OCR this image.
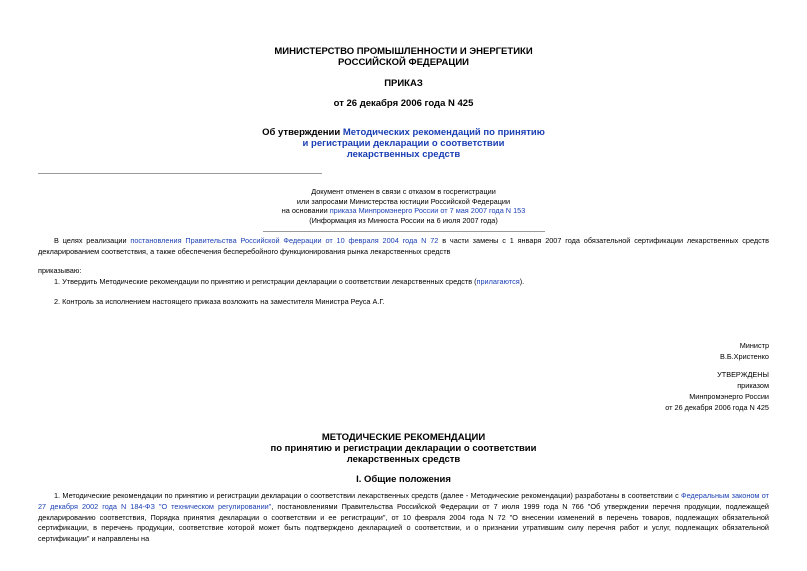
МИНИСТЕРСТВО ПРОМЫШЛЕННОСТИ И ЭНЕРГЕТИКИ
РОССИЙСКОЙ ФЕДЕРАЦИИ
ПРИКАЗ
от 26 декабря 2006 года N 425
Об утверждении Методических рекомендаций по принятию
и регистрации декларации о соответствии
лекарственных средств
Документ отменен в связи с отказом в госрегистрации
или запросами Министерства юстиции Российской Федерации
на основании приказа Минпромэнерго России от 7 мая 2007 года N 153
(Информация из Минюста России на 6 июля 2007 года)
В целях реализации постановления Правительства Российской Федерации от 10 февраля 2004 года N 72 в части замены с 1 января 2007 года обязательной сертификации лекарственных средств декларированием соответствия, а также обеспечения бесперебойного функционирования рынка лекарственных средств
приказываю:
1. Утвердить Методические рекомендации по принятию и регистрации декларации о соответствии лекарственных средств (прилагаются).
2. Контроль за исполнением настоящего приказа возложить на заместителя Министра Реуса А.Г.
Министр
В.Б.Христенко
УТВЕРЖДЕНЫ
приказом
Минпромэнерго России
от 26 декабря 2006 года N 425
МЕТОДИЧЕСКИЕ РЕКОМЕНДАЦИИ
по принятию и регистрации декларации о соответствии
лекарственных средств
I. Общие положения
1. Методические рекомендации по принятию и регистрации декларации о соответствии лекарственных средств (далее - Методические рекомендации) разработаны в соответствии с Федеральным законом от 27 декабря 2002 года N 184-ФЗ "О техническом регулировании", постановлениями Правительства Российской Федерации от 7 июля 1999 года N 766 "Об утверждении перечня продукции, подлежащей декларированию соответствия, Порядка принятия декларации о соответствии и ее регистрации", от 10 февраля 2004 года N 72 "О внесении изменений в перечень товаров, подлежащих обязательной сертификации, в перечень продукции, соответствие которой может быть подтверждено декларацией о соответствии, и о признании утратившим силу перечня работ и услуг, подлежащих обязательной сертификации" и направлены на
